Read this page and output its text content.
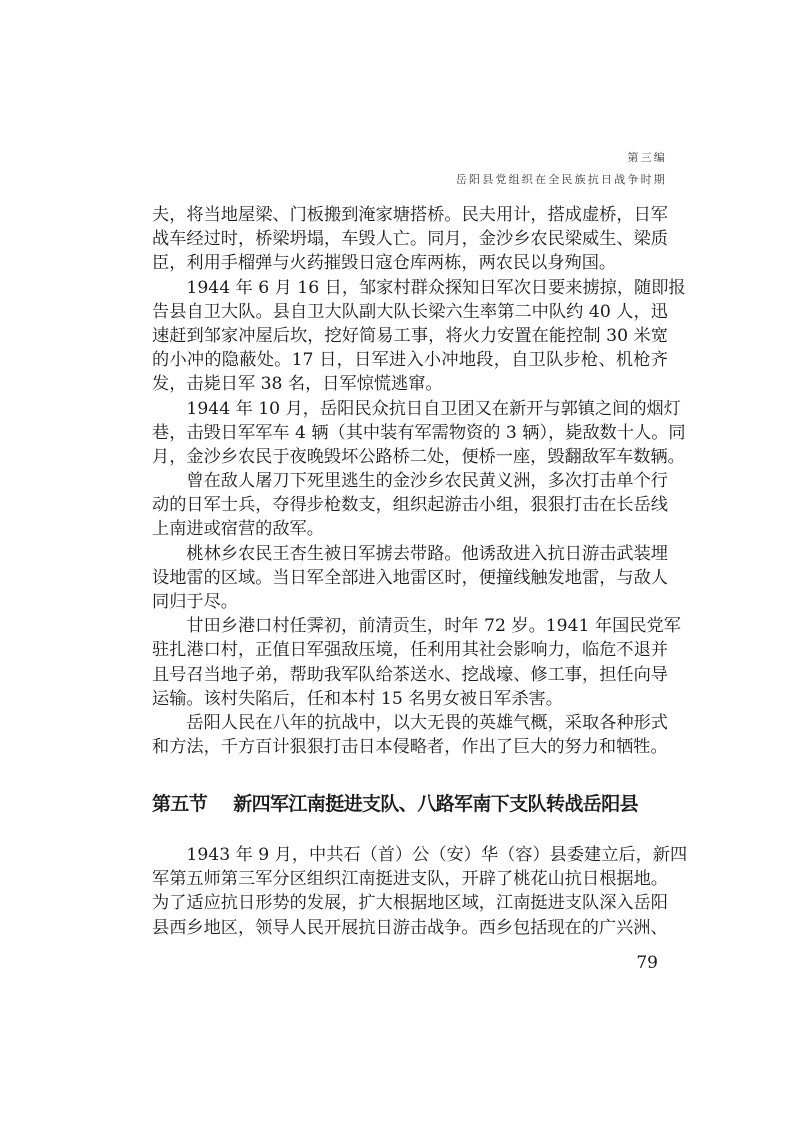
第三编
岳阳县党组织在全民族抗日战争时期
夫，将当地屋梁、门板搬到淹家塘搭桥。民夫用计，搭成虚桥，日军
战车经过时，桥梁坍塌，车毁人亡。同月，金沙乡农民梁威生、梁质
臣，利用手榴弹与火药摧毁日寇仓库两栋，两农民以身殉国。
1944 年 6 月 16 日，邹家村群众探知日军次日要来掳掠，随即报
告县自卫大队。县自卫大队副大队长梁六生率第二中队约 40 人，迅
速赶到邹家冲屋后坎，挖好简易工事，将火力安置在能控制 30 米宽
的小冲的隐蔽处。17 日，日军进入小冲地段，自卫队步枪、机枪齐
发，击毙日军 38 名，日军惊慌逃窜。
1944 年 10 月，岳阳民众抗日自卫团又在新开与郭镇之间的烟灯
巷，击毁日军军车 4 辆（其中装有军需物资的 3 辆），毙敌数十人。同
月，金沙乡农民于夜晚毁坏公路桥二处，便桥一座，毁翻敌军车数辆。
曾在敌人屠刀下死里逃生的金沙乡农民黄义洲，多次打击单个行
动的日军士兵，夺得步枪数支，组织起游击小组，狠狠打击在长岳线
上南进或宿营的敌军。
桃林乡农民王杏生被日军掳去带路。他诱敌进入抗日游击武装埋
设地雷的区域。当日军全部进入地雷区时，便撞线触发地雷，与敌人
同归于尽。
甘田乡港口村任霁初，前清贡生，时年 72 岁。1941 年国民党军
驻扎港口村，正值日军强敌压境，任利用其社会影响力，临危不退并
且号召当地子弟，帮助我军队给茶送水、挖战壕、修工事，担任向导
运输。该村失陷后，任和本村 15 名男女被日军杀害。
岳阳人民在八年的抗战中，以大无畏的英雄气概，采取各种形式
和方法，千方百计狠狠打击日本侵略者，作出了巨大的努力和牺牲。
第五节 新四军江南挺进支队、八路军南下支队转战岳阳县
1943 年 9 月，中共石（首）公（安）华（容）县委建立后，新四
军第五师第三军分区组织江南挺进支队，开辟了桃花山抗日根据地。
为了适应抗日形势的发展，扩大根据地区域，江南挺进支队深入岳阳
县西乡地区，领导人民开展抗日游击战争。西乡包括现在的广兴洲、
79
